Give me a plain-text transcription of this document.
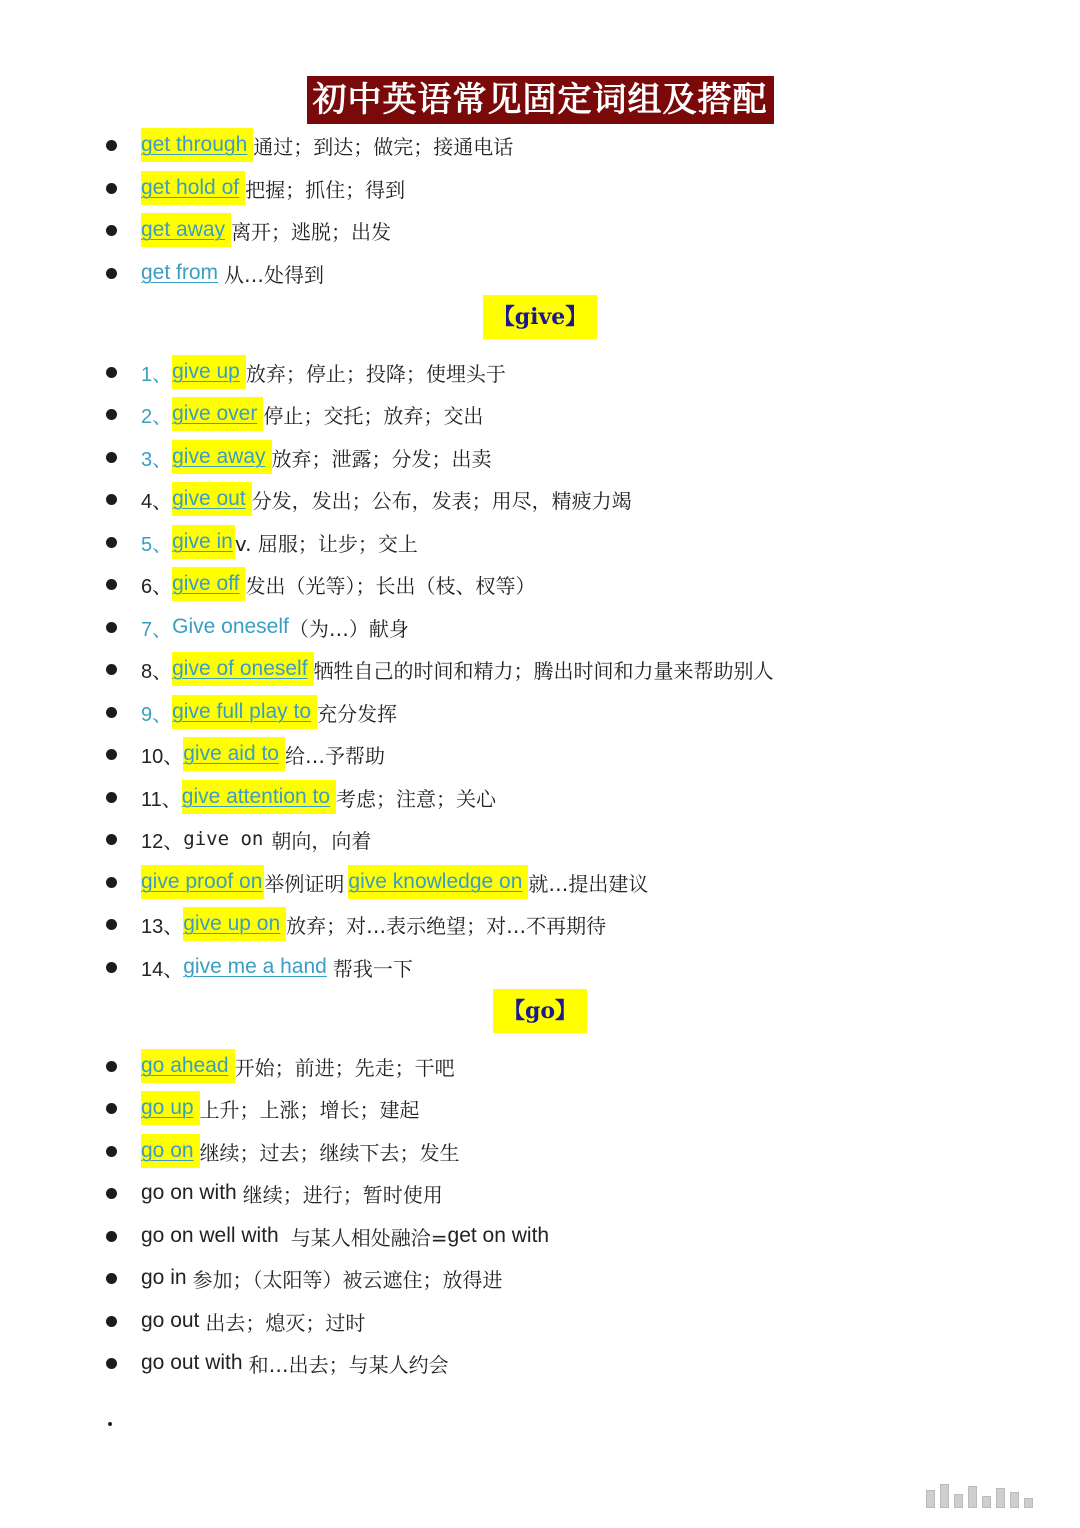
初中英语常见固定词组及搭配
get through 通过；到达；做完；接通电话
get hold of 把握；抓住；得到
get away 离开；逃脱；出发
get from 从…处得到
【give】
1、 give up 放弃；停止；投降；使埋头于
2、 give over 停止；交托；放弃；交出
3、 give away 放弃；泄露；分发；出卖
4、 give out 分发，发出；公布，发表；用尽，精疲力竭
5、 give in v. 屈服；让步；交上
6、 give off 发出（光等）；长出（枝、杈等）
7、 Give oneself （为…）献身
8、 give of oneself 牺牲自己的时间和精力；腾出时间和力量来帮助别人
9、 give full play to 充分发挥
10、 give aid to 给…予帮助
11、 give attention to 考虑；注意；关心
12、 give on 朝向，向着
give proof on 举例证明 give knowledge on 就…提出建议
13、 give up on 放弃；对…表示绝望；对…不再期待
14、 give me a hand 帮我一下
【go】
go ahead 开始；前进；先走；干吧
go up 上升；上涨；增长；建起
go on 继续；过去；继续下去；发生
go on with 继续；进行；暂时使用
go on well with 与某人相处融洽= get on with
go in 参加；（太阳等）被云遮住；放得进
go out 出去；熄灭；过时
go out with 和…出去；与某人约会
